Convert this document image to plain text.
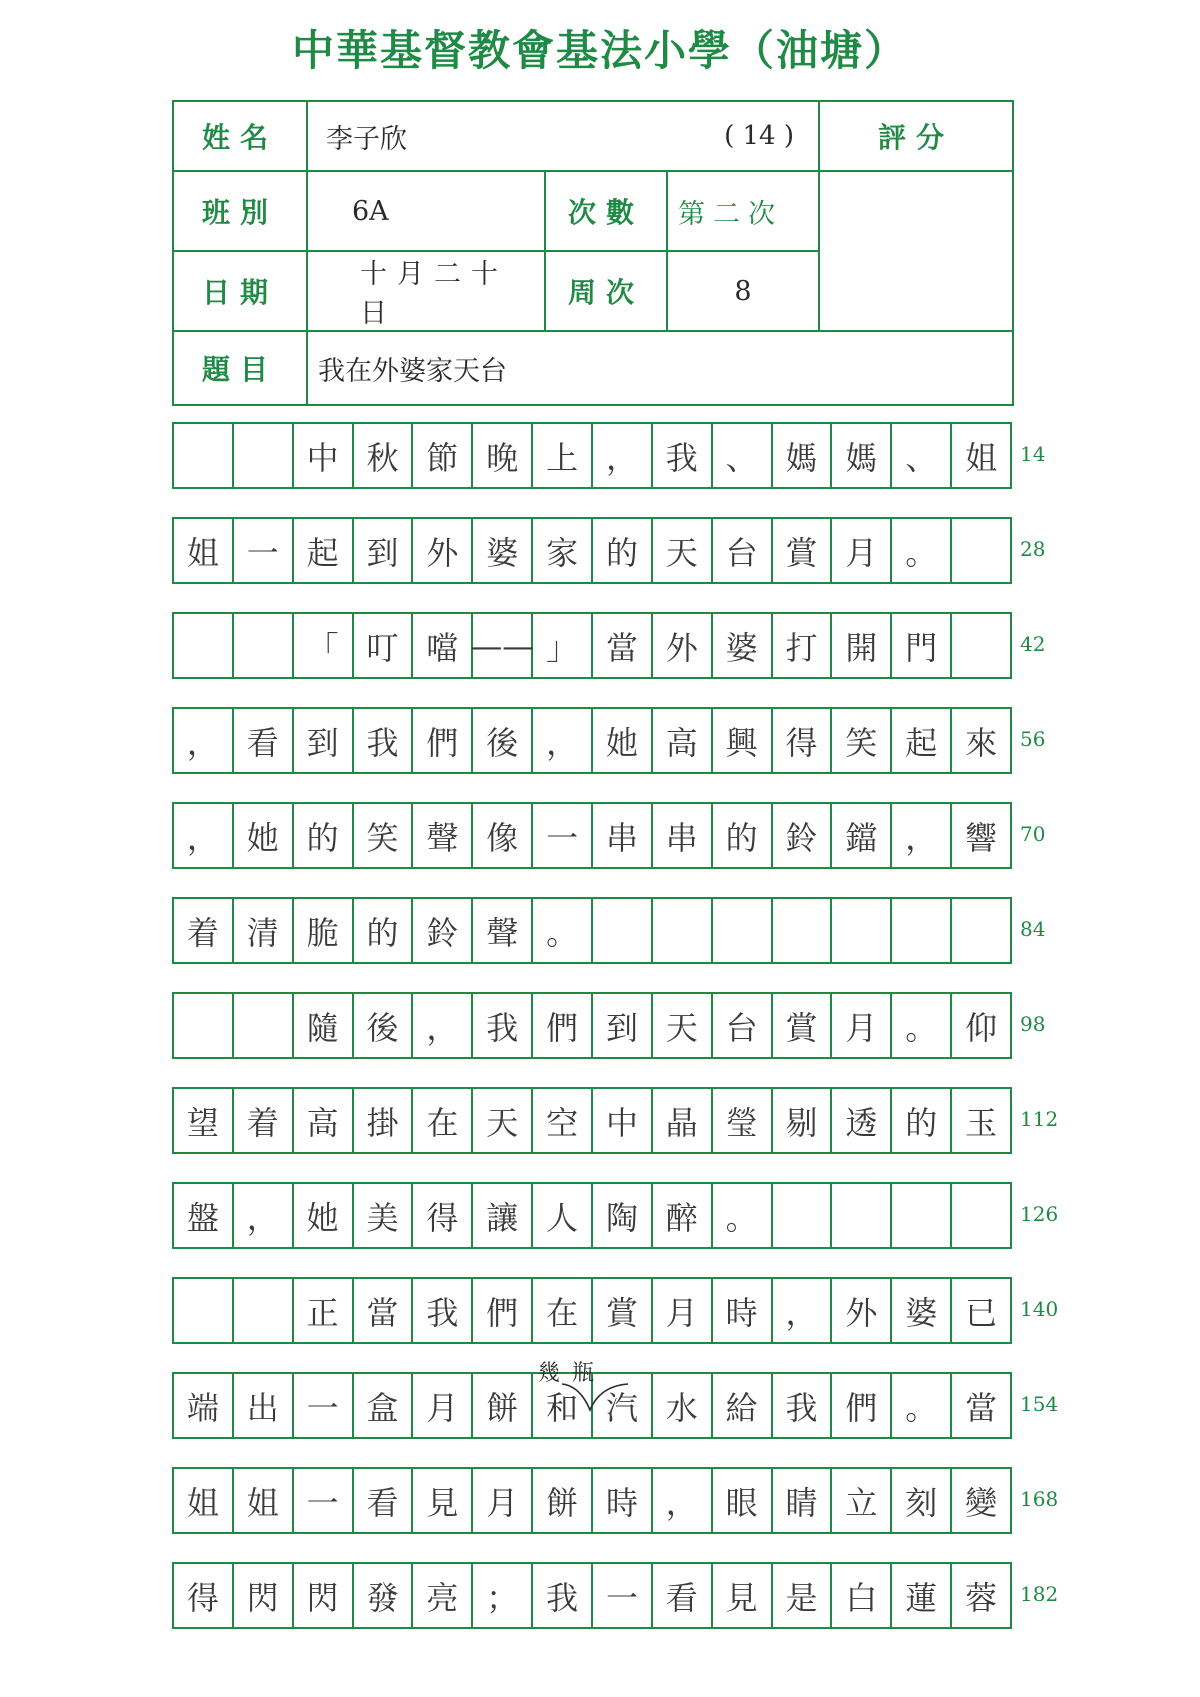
中華基督教會基法小學（油塘）
姓名	李子欣 ( 14 )			評分
班別	6A	次數	第二次	
日期	十月二十日	周次	8	
題目	我在外婆家天台			
中 秋 節 晚 上 ， 我 、 媽 媽 、 姐	14
姐 一 起 到 外 婆 家 的 天 台 賞 月 。	28
「 叮 噹 —— 」 當 外 婆 打 開 門	42
， 看 到 我 們 後 ， 她 高 興 得 笑 起 來	56
， 她 的 笑 聲 像 一 串 串 的 鈴 鐺 ， 響	70
着 清 脆 的 鈴 聲 。	84
隨 後 ， 我 們 到 天 台 賞 月 。 仰	98
望 着 高 掛 在 天 空 中 晶 瑩 剔 透 的 玉	112
盤 ， 她 美 得 讓 人 陶 醉 。	126
正 當 我 們 在 賞 月 時 ， 外 婆 已	140
端 出 一 盒 月 餅 和 汽 水 給 我 們 。 當	154
姐 姐 一 看 見 月 餅 時 ， 眼 睛 立 刻 變	168
得 閃 閃 發 亮 ； 我 一 看 見 是 白 蓮 蓉	182
幾瓶
